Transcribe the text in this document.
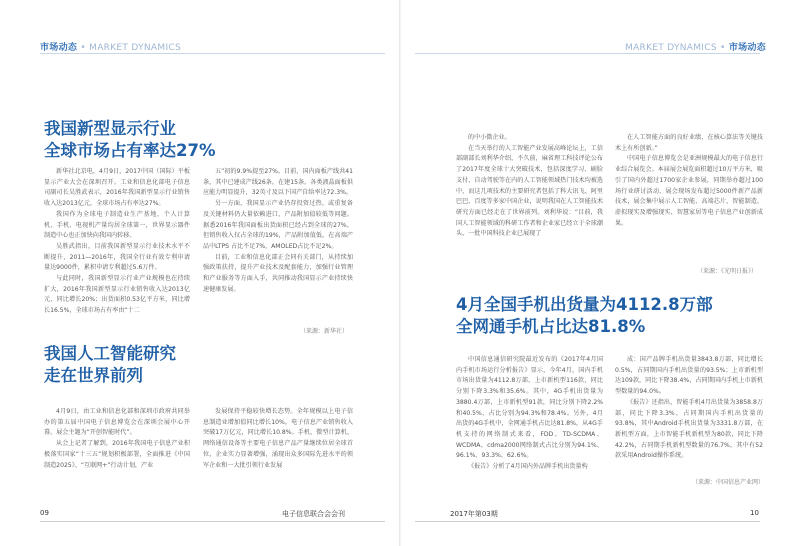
市场动态 • MARKET DYNAMICS
我国新型显示行业
全球市场占有率达27%

新华社北京电，4月9日，2017中国（国际）平板显示产业大会在深圳召开。工业和信息化部电子信息司副司长吴胜武表示，2016年我国新型显示行业销售收入达2013亿元，全球市场占有率达27%。

我国作为全球电子制造业生产基地，个人计算机、手机、电视机产量均居全球第一，世界显示器件制造中心也正加快向我国内转移。

吴胜武指出，目前我国新型显示行业技术水平不断提升，2011—2016年，我国全行业有效专利申请量达9000件，累积申请专利超过5.6万件。

与此同时，我国新型显示行业产业规模也在持续扩大，2016年我国新型显示行业销售收入达2013亿元，同比增长20%；出货面积0.53亿平方米，同比增长16.5%，全球市场占有率由“十二

五”初的9.9%提至27%。目前，国内面板产线共41条，其中已建成产线26条，在建15条。各类液晶面板供应能力明显提升，32英寸及以下国产自给率达72.3%。

另一方面，我国显示产业仍存投资过热、或重复备及关键材料仍大量依赖进口，产品附加值较低等问题。据悉2016年我国面板出货面积已经占到全球的27%，但销售收入仅占全球的19%，产品附加值低。在高端产品中LTPS 占比不足7%，AMOLED占比不足2%。

目前，工业和信息化部正会同有关部门，从持续加强政策扶持，提升产业技术及配套能力，加强行业管理和产业服务等方面入手，共同推动我国显示产业持续快速健康发展。

（来源：新华社）
我国人工智能研究
走在世界前列

4月9日，由工业和信息化部和深圳市政府共同举办的第五届中国电子信息博览会在深圳会展中心开幕，展会主题为“开创智能时代”。

从会上记者了解到，2016年我国电子信息产业积极落实国家“十三五”规划积极部署，全面推进《中国制造2025》、“互联网+”行动计划，产业

发展保持平稳较快增长态势。全年规模以上电子信息制造业增加值同比增长10%，电子信息产业销售收入突破17万亿元，同比增长10.8%。手机、微型计算机、网络通信设备等主要电子信息产品产量继续位居全球首位，企业实力显著增强，涌现出众多国际先进水平的领军企业和一大批引领行业发展

09	电子信息联合会会刊
MARKET DYNAMICS • 市场动态

的中小微企业。

在当天举行的人工智能产业发展高峰论坛上，工信部副部长刘利华介绍，不久前，麻省理工科技评论公布了2017年度全球十大突破技术，包括深度学习、刷脸支付、自动驾驶等在内的人工智能领域热门技术均被选中，而这几项技术的主要研究者包括了科大讯飞、阿里巴巴、百度等多家中国企业，说明我国在人工智能技术研究方面已经走在了世界前列。刘利华说：“目前，我国人工智能领域的科研工作者和企业家已经立于全球潮头，一批中国科技企业已展现了

在人工智能方面的良好业绩，在核心算法等关键技术上有所创新。”

中国电子信息博览会是亚洲规模最大的电子信息行业综合展览会。本届展会展览面积超过10万平方米，吸引了国内外超过1700家企业参展，同期举办超过100场行业研讨活动，展会现场发布超过5000件新产品新技术，展会集中展示人工智能、高端芯片、智能制造、虚拟现实及增强现实、智慧家居等电子信息产业创新成果。

（来源：《光明日报》）
4月全国手机出货量为4112.8万部
全网通手机占比达81.8%

中国信息通信研究院最近发布的《2017年4月国内手机市场运行分析报告》显示，今年4月，国内手机市场出货量为4112.8万部，上市新机型116款，同比分别下降3.3%和35.6%。其中，4G手机出货量为3880.4万部，上市新机型91款，同比分别下降2.2%和40.5%，占比分别为94.3%和78.4%。另外，4月出货的4G手机中，全网通手机占比达81.8%，从4G手机支持的网络制式来看，FDD、TD-SCDMA、WCDMA、cdma2000网络制式占比分别为94.1%、96.1%、93.3%、62.6%。

《报告》分析了4月国内外品牌手机出货量构

成：国产品牌手机出货量3843.8万部，同比增长0.5%，占同期国内手机出货量的93.5%；上市新机型达109款，同比下降38.4%，占同期国内手机上市新机型数量的94.0%。

《报告》还指出，智能手机4月出货量为3858.8万部，同比下降3.3%，占同期国内手机出货量的93.8%，其中Android手机出货量为3331.8万部，在新机型方面，上市智能手机新机型为80款，同比下降42.2%，占同期手机新机型数量的76.7%，其中有52款采用Android操作系统。

（来源：中国信息产业网）
2017年第03期	10
